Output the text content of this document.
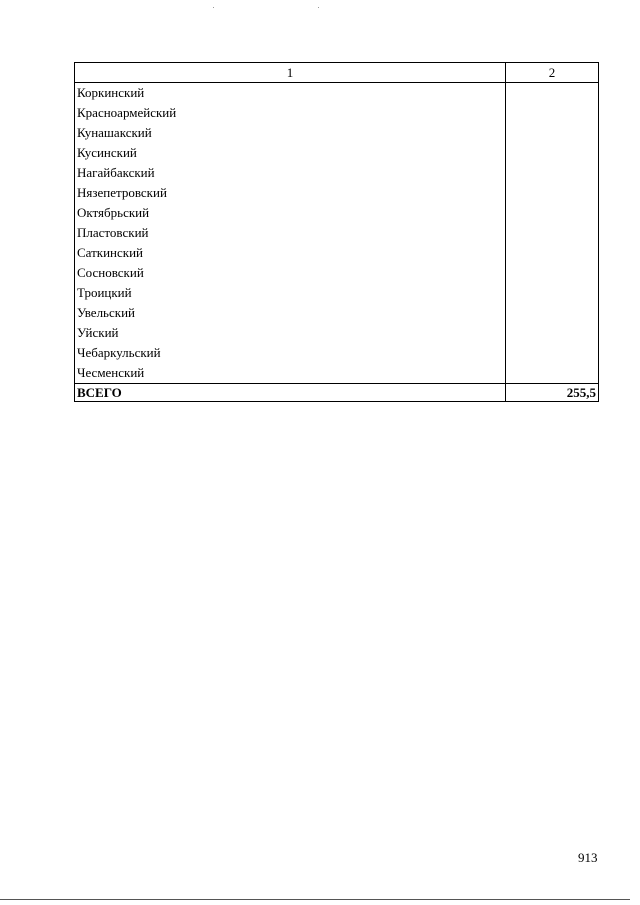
1	2
Коркинский	
Красноармейский	
Кунашакский	
Кусинский	
Нагайбакский	
Нязепетровский	
Октябрьский	
Пластовский	
Саткинский	
Сосновский	
Троицкий	
Увельский	
Уйский	
Чебаркульский	
Чесменский	
ВСЕГО	255,5
913
